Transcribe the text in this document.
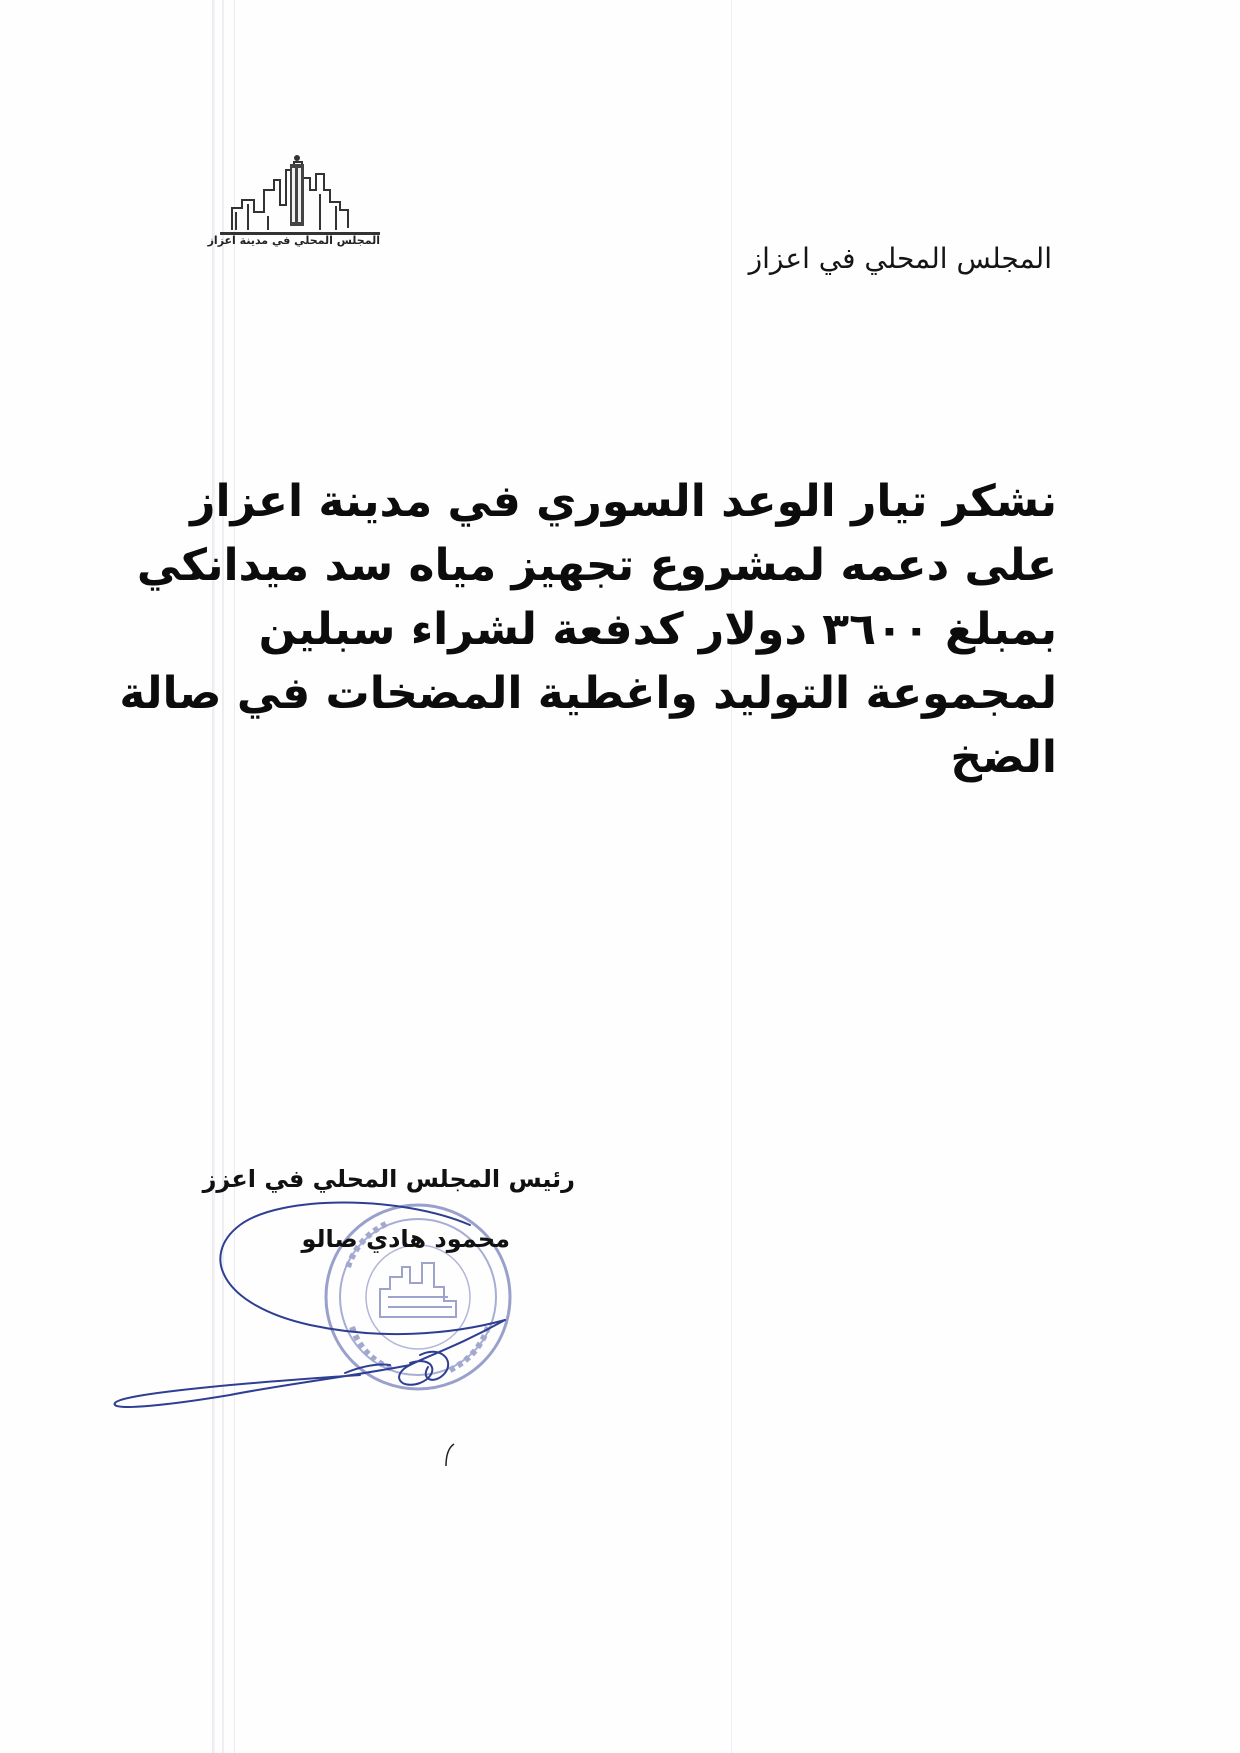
المجلس المحلي في مدينة اعزاز
المجلس المحلي في اعزاز
نشكر تيار الوعد السوري في مدينة اعزاز
على دعمه لمشروع تجهيز مياه سد ميدانكي
بمبلغ ٣٦٠٠ دولار كدفعة لشراء سبلين
لمجموعة التوليد واغطية المضخات في صالة
الضخ
رئيس المجلس المحلي في اعزز
محمود هادي صالو
